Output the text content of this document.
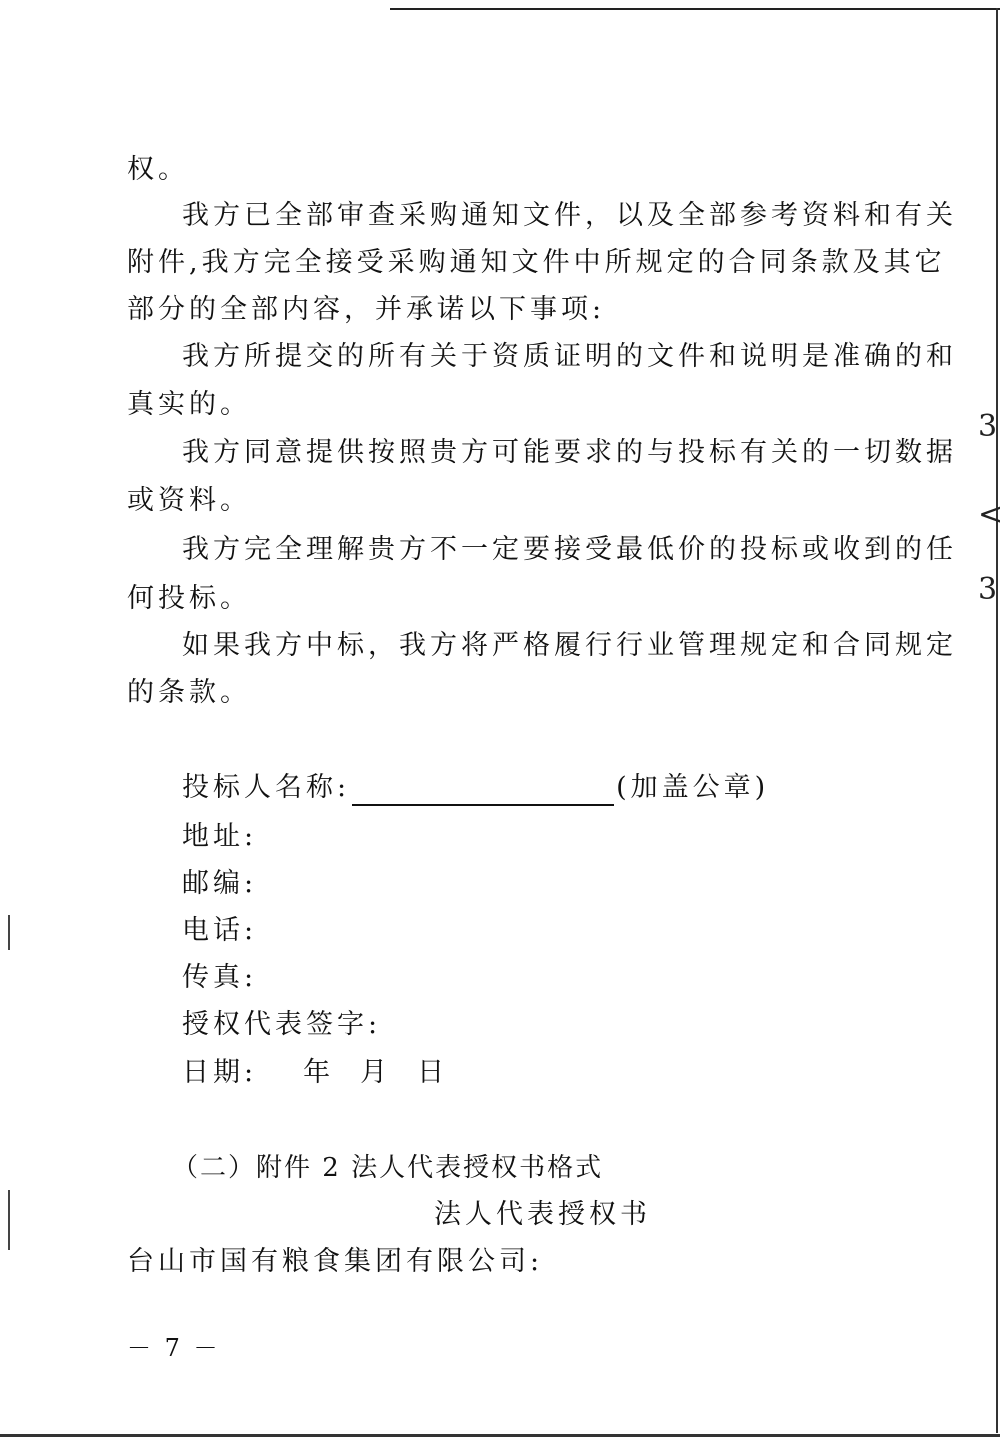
3
<
3
权。
我方已全部审查采购通知文件，以及全部参考资料和有关
附件,我方完全接受采购通知文件中所规定的合同条款及其它
部分的全部内容，并承诺以下事项:
我方所提交的所有关于资质证明的文件和说明是准确的和
真实的。
我方同意提供按照贵方可能要求的与投标有关的一切数据
或资料。
我方完全理解贵方不一定要接受最低价的投标或收到的任
何投标。
如果我方中标，我方将严格履行行业管理规定和合同规定
的条款。
投标人名称:	(加盖公章)
地址:
邮编:
电话:
传真:
授权代表签字:
日期: 年 月 日
（二）附件 2 法人代表授权书格式
法人代表授权书
台山市国有粮食集团有限公司:
－ 7 －
